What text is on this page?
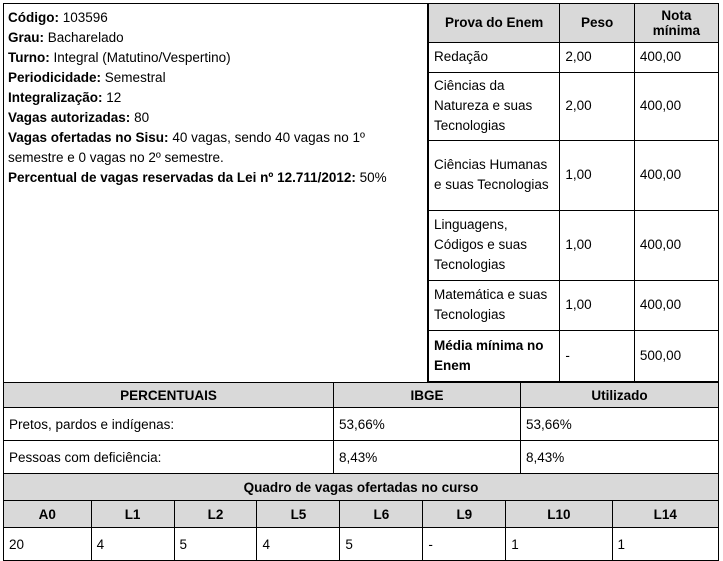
Código: 103596
Grau: Bacharelado
Turno: Integral (Matutino/Vespertino)
Periodicidade: Semestral
Integralização: 12
Vagas autorizadas: 80
Vagas ofertadas no Sisu: 40 vagas, sendo 40 vagas no 1º semestre e 0 vagas no 2º semestre.
Percentual de vagas reservadas da Lei nº 12.711/2012: 50%
Prova do Enem	Peso	Nota mínima
Redação	2,00	400,00
Ciências da Natureza e suas Tecnologias	2,00	400,00
Ciências Humanas e suas Tecnologias	1,00	400,00
Linguagens, Códigos e suas Tecnologias	1,00	400,00
Matemática e suas Tecnologias	1,00	400,00
Média mínima no Enem	-	500,00
PERCENTUAIS	IBGE	Utilizado
Pretos, pardos e indígenas:	53,66%	53,66%
Pessoas com deficiência:	8,43%	8,43%
Quadro de vagas ofertadas no curso							
A0	L1	L2	L5	L6	L9	L10	L14
20	4	5	4	5	-	1	1
